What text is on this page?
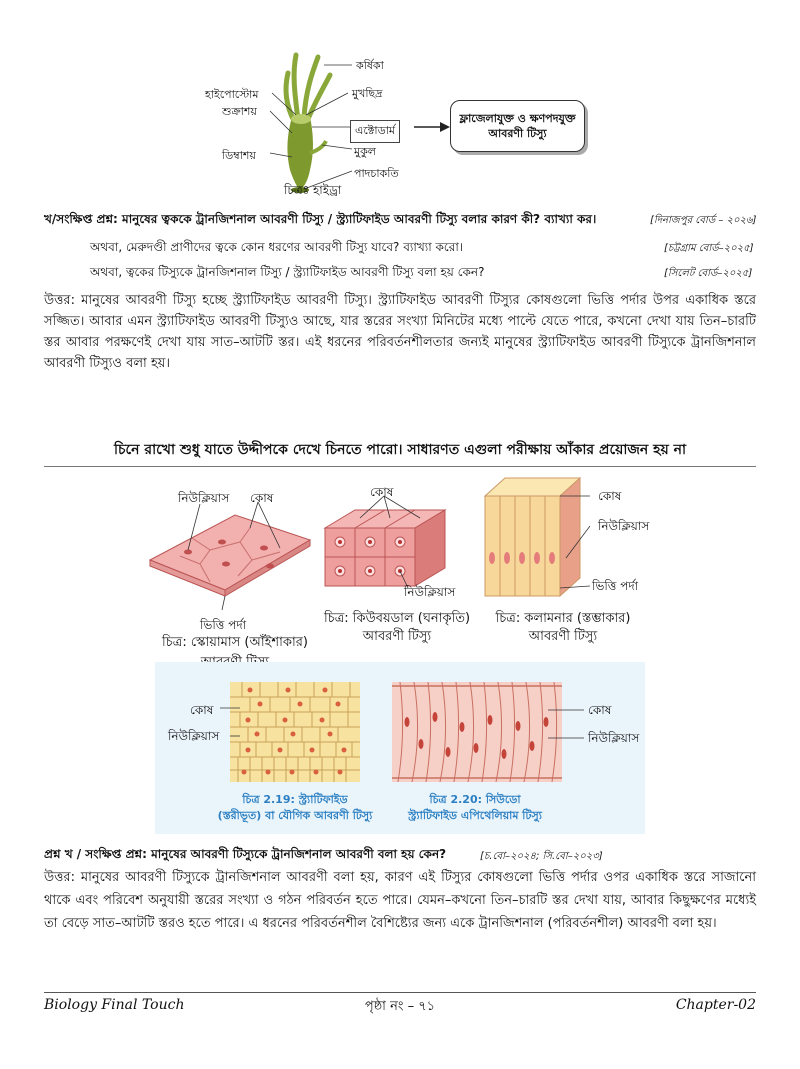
কর্ষিকা
মুখছিদ্র
হাইপোস্টোম
শুক্রাশয়
এক্টোডার্ম
ডিম্বাশয়	মুকুল
পাদচাকতি
চিত্রঃ হাইড্রা
ফ্লাজেলাযুক্ত ও ক্ষণপদযুক্ত আবরণী টিস্যু
খ/সংক্ষিপ্ত প্রশ্ন: মানুষের ত্বককে ট্রানজিশনাল আবরণী টিস্যু / স্ট্র্যাটিফাইড আবরণী টিস্যু বলার কারণ কী? ব্যাখ্যা কর।	[দিনাজপুর বোর্ড – ২০২৬]
অথবা, মেরুদণ্ডী প্রাণীদের ত্বকে কোন ধরণের আবরণী টিস্যু যাবে? ব্যাখ্যা করো।	[চট্টগ্রাম বোর্ড–২০২৫]
অথবা, ত্বকের টিস্যুকে ট্রানজিশনাল টিস্যু / স্ট্র্যাটিফাইড আবরণী টিস্যু বলা হয় কেন?	[সিলেট বোর্ড–২০২৫]
উত্তর: মানুষের আবরণী টিস্যু হচ্ছে স্ট্র্যাটিফাইড আবরণী টিস্যু। স্ট্র্যাটিফাইড আবরণী টিস্যুর কোষগুলো ভিত্তি পর্দার উপর একাধিক স্তরে সজ্জিত। আবার এমন স্ট্র্যাটিফাইড আবরণী টিস্যুও আছে, যার স্তরের সংখ্যা মিনিটের মধ্যে পাল্টে যেতে পারে, কখনো দেখা যায় তিন–চারটি স্তর আবার পরক্ষণেই দেখা যায় সাত–আটটি স্তর। এই ধরনের পরিবর্তনশীলতার জন্যই মানুষের স্ট্র্যাটিফাইড আবরণী টিস্যুকে ট্রানজিশনাল আবরণী টিস্যুও বলা হয়।
চিনে রাখো শুধু যাতে উদ্দীপকে দেখে চিনতে পারো। সাধারণত এগুলা পরীক্ষায় আঁকার প্রয়োজন হয় না
নিউক্লিয়াস কোষ
ভিত্তি পর্দা
চিত্র: স্কোয়ামাস (আঁইশাকার)
কোষ
নিউক্লিয়াস
চিত্র: কিউবয়ডাল (ঘনাকৃতি)
আবরণী টিস্যু
কোষ
নিউক্লিয়াস
ভিত্তি পর্দা
চিত্র: কলামনার (স্তম্ভাকার)
আবরণী টিস্যু
কোষ
নিউক্লিয়াস
চিত্র 2.19: স্ট্র্যাটিফাইড
(স্তরীভূত) বা যৌগিক আবরণী টিস্যু
কোষ
নিউক্লিয়াস
চিত্র 2.20: সিউডো
স্ট্র্যাটিফাইড এপিথেলিয়াম টিস্যু
প্রশ্ন খ / সংক্ষিপ্ত প্রশ্ন: মানুষের আবরণী টিস্যুকে ট্রানজিশনাল আবরণী বলা হয় কেন?	[চ.বো–২০২৪; সি.বো–২০২৩]
উত্তর: মানুষের আবরণী টিস্যুকে ট্রানজিশনাল আবরণী বলা হয়, কারণ এই টিস্যুর কোষগুলো ভিত্তি পর্দার ওপর একাধিক স্তরে সাজানো থাকে এবং পরিবেশ অনুযায়ী স্তরের সংখ্যা ও গঠন পরিবর্তন হতে পারে। যেমন–কখনো তিন–চারটি স্তর দেখা যায়, আবার কিছুক্ষণের মধ্যেই তা বেড়ে সাত–আটটি স্তরও হতে পারে। এ ধরনের পরিবর্তনশীল বৈশিষ্ট্যের জন্য একে ট্রানজিশনাল (পরিবর্তনশীল) আবরণী বলা হয়।
Biology Final Touch	পৃষ্ঠা নং – ৭১	Chapter-02
